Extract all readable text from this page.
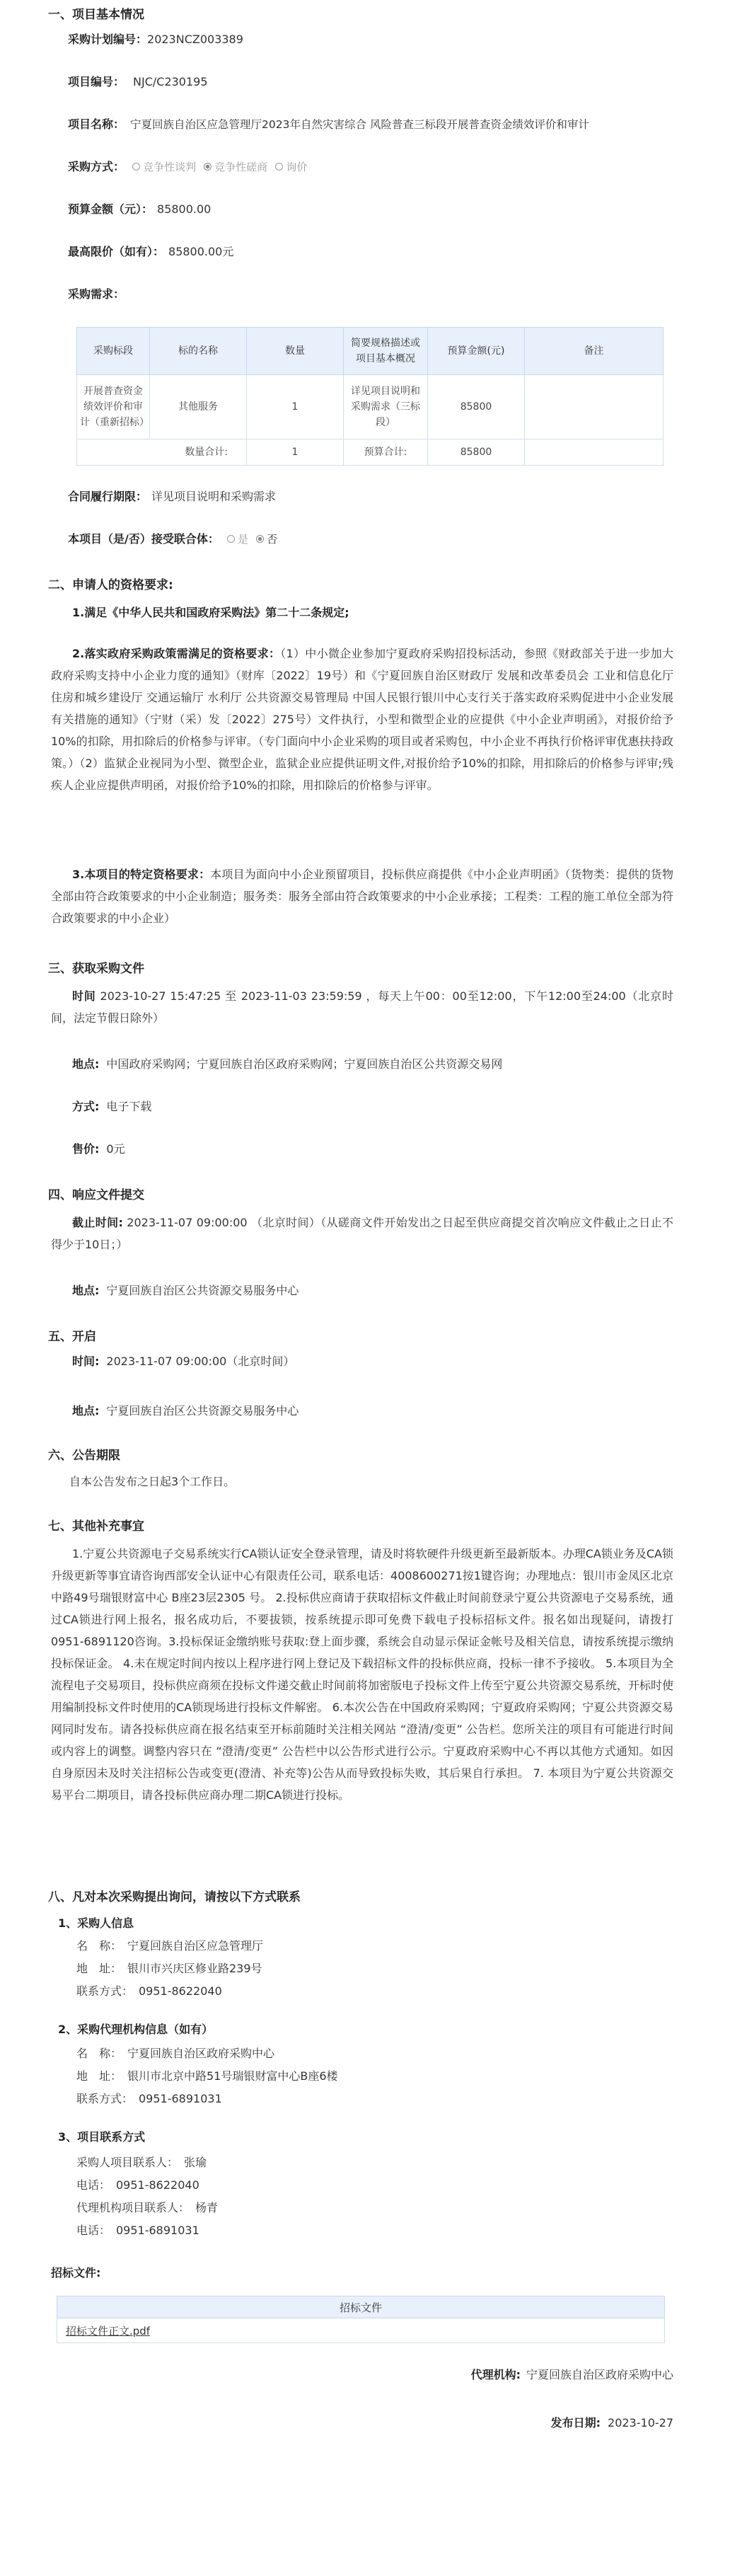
一、项目基本情况
采购计划编号：2023NCZ003389
项目编号： NJC/C230195
项目名称： 宁夏回族自治区应急管理厅2023年自然灾害综合 风险普查三标段开展普查资金绩效评价和审计
采购方式： 竞争性谈判 竞争性磋商 询价
预算金额（元）： 85800.00
最高限价（如有）： 85800.00元
采购需求：
采购标段	标的名称	数量	简要规格描述或项目基本概况	预算金额(元)	备注
开展普查资金绩效评价和审计（重新招标）	其他服务	1	详见项目说明和采购需求（三标段）	85800	
数量合计:		1	预算合计:	85800	
合同履行期限： 详见项目说明和采购需求
本项目（是/否）接受联合体： 是 否
二、申请人的资格要求:
1.满足《中华人民共和国政府采购法》第二十二条规定;
2.落实政府采购政策需满足的资格要求：（1）中小微企业参加宁夏政府采购招投标活动，参照《财政部关于进一步加大政府采购支持中小企业力度的通知》（财库〔2022〕19号）和《宁夏回族自治区财政厅 发展和改革委员会 工业和信息化厅 住房和城乡建设厅 交通运输厅 水利厅 公共资源交易管理局 中国人民银行银川中心支行关于落实政府采购促进中小企业发展有关措施的通知》（宁财（采）发〔2022〕275号）文件执行，小型和微型企业的应提供《中小企业声明函》，对报价给予10%的扣除，用扣除后的价格参与评审。（专门面向中小企业采购的项目或者采购包，中小企业不再执行价格评审优惠扶持政策。）（2）监狱企业视同为小型、微型企业，监狱企业应提供证明文件,对报价给予10%的扣除，用扣除后的价格参与评审;残疾人企业应提供声明函，对报价给予10%的扣除，用扣除后的价格参与评审。
3.本项目的特定资格要求：本项目为面向中小企业预留项目，投标供应商提供《中小企业声明函》（货物类：提供的货物全部由符合政策要求的中小企业制造；服务类：服务全部由符合政策要求的中小企业承接；工程类：工程的施工单位全部为符合政策要求的中小企业）
三、获取采购文件
时间 2023-10-27 15:47:25 至 2023-11-03 23:59:59 ，每天上午00：00至12:00，下午12:00至24:00（北京时间，法定节假日除外）
地点: 中国政府采购网；宁夏回族自治区政府采购网；宁夏回族自治区公共资源交易网
方式: 电子下载
售价: 0元
四、响应文件提交
截止时间: 2023-11-07 09:00:00 （北京时间）（从磋商文件开始发出之日起至供应商提交首次响应文件截止之日止不得少于10日；）
地点: 宁夏回族自治区公共资源交易服务中心
五、开启
时间: 2023-11-07 09:00:00（北京时间）
地点: 宁夏回族自治区公共资源交易服务中心
六、公告期限
自本公告发布之日起3个工作日。
七、其他补充事宜
1.宁夏公共资源电子交易系统实行CA锁认证安全登录管理，请及时将软硬件升级更新至最新版本。办理CA锁业务及CA锁升级更新等事宜请咨询西部安全认证中心有限责任公司，联系电话：4008600271按1键咨询；办理地点：银川市金凤区北京中路49号瑞银财富中心 B座23层2305 号。 2.投标供应商请于获取招标文件截止时间前登录宁夏公共资源电子交易系统，通过CA锁进行网上报名，报名成功后，不要拔锁，按系统提示即可免费下载电子投标招标文件。报名如出现疑问，请拨打0951-6891120咨询。3.投标保证金缴纳账号获取:登上面步骤，系统会自动显示保证金帐号及相关信息，请按系统提示缴纳投标保证金。 4.未在规定时间内按以上程序进行网上登记及下载招标文件的投标供应商，投标一律不予接收。 5.本项目为全流程电子交易项目，投标供应商须在投标文件递交截止时间前将加密版电子投标文件上传至宁夏公共资源交易系统，开标时使用编制投标文件时使用的CA锁现场进行投标文件解密。 6.本次公告在中国政府采购网；宁夏政府采购网；宁夏公共资源交易网同时发布。请各投标供应商在报名结束至开标前随时关注相关网站 “澄清/变更” 公告栏。您所关注的项目有可能进行时间或内容上的调整。调整内容只在 “澄清/变更” 公告栏中以公告形式进行公示。宁夏政府采购中心不再以其他方式通知。如因自身原因未及时关注招标公告或变更(澄清、补充等)公告从而导致投标失败，其后果自行承担。 7. 本项目为宁夏公共资源交易平台二期项目，请各投标供应商办理二期CA锁进行投标。
八、凡对本次采购提出询问，请按以下方式联系
1、采购人信息
名　称：　宁夏回族自治区应急管理厅
地　址：　银川市兴庆区修业路239号
联系方式：　0951-8622040
2、采购代理机构信息（如有）
名　称：　宁夏回族自治区政府采购中心
地　址：　银川市北京中路51号瑞银财富中心B座6楼
联系方式：　0951-6891031
3、项目联系方式
采购人项目联系人：　张瑜
电话：　0951-8622040
代理机构项目联系人：　杨青
电话：　0951-6891031
招标文件:
招标文件
招标文件正文.pdf
代理机构: 宁夏回族自治区政府采购中心
发布日期: 2023-10-27
